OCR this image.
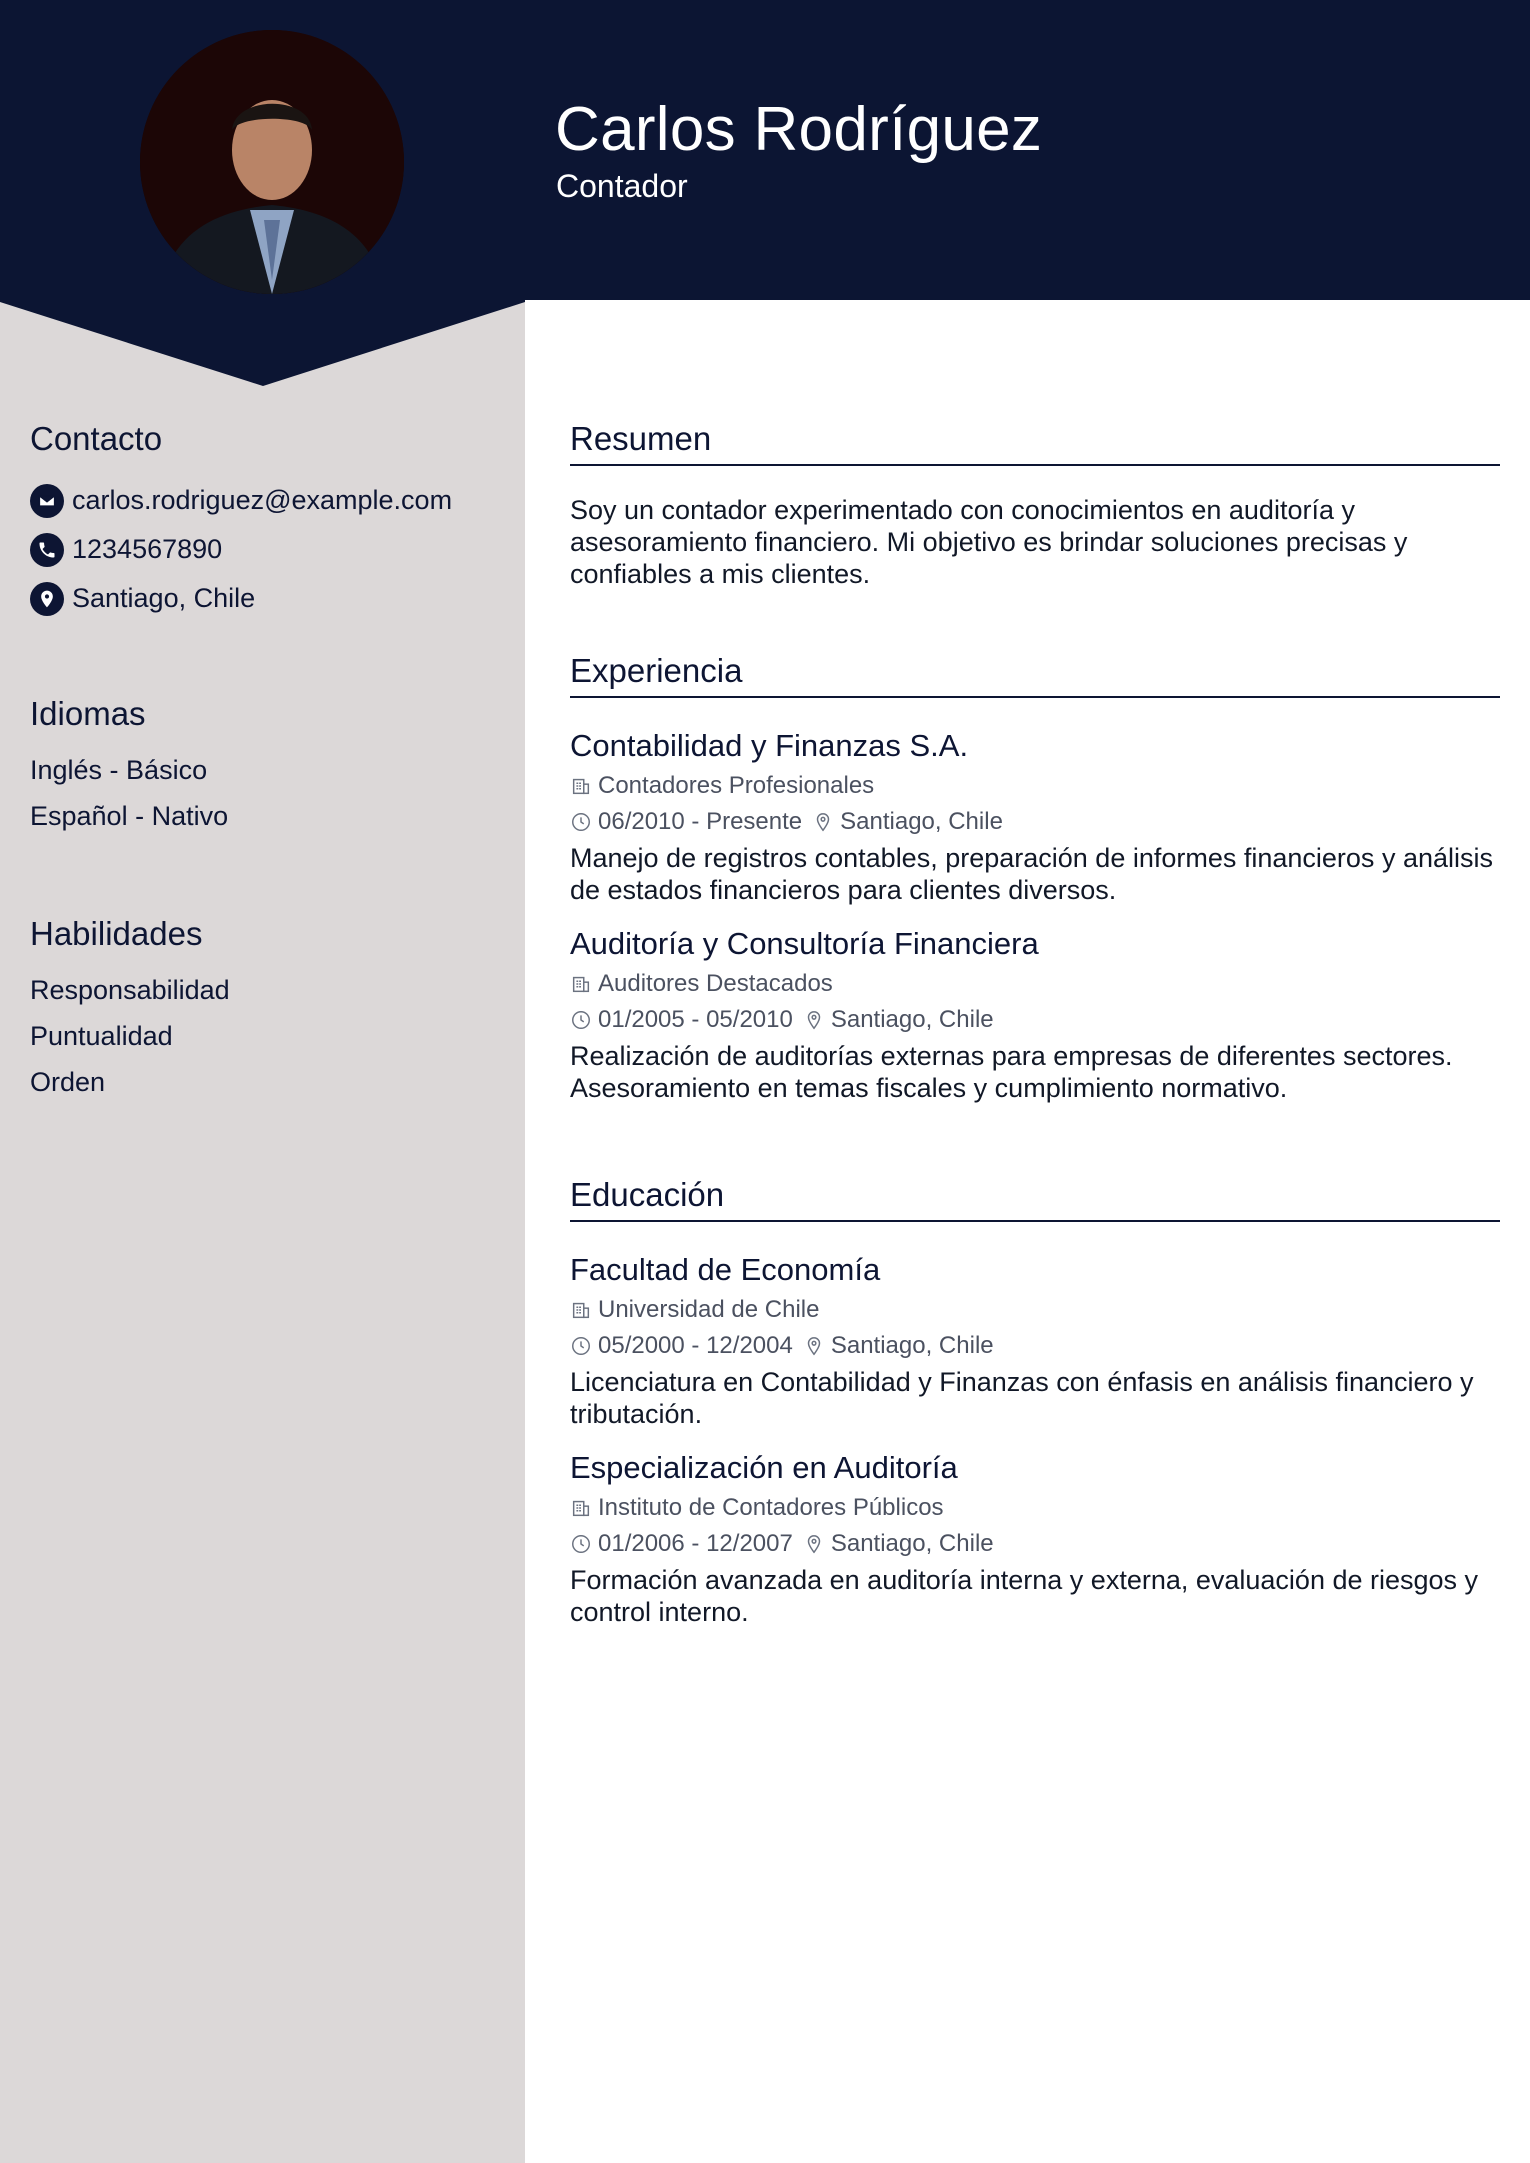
Carlos Rodríguez
Contador
Contacto
carlos.rodriguez@example.com
1234567890
Santiago, Chile
Idiomas
Inglés - Básico
Español - Nativo
Habilidades
Responsabilidad
Puntualidad
Orden
Resumen
Soy un contador experimentado con conocimientos en auditoría y asesoramiento financiero. Mi objetivo es brindar soluciones precisas y confiables a mis clientes.
Experiencia
Contabilidad y Finanzas S.A.
Contadores Profesionales
06/2010 - Presente Santiago, Chile
Manejo de registros contables, preparación de informes financieros y análisis de estados financieros para clientes diversos.
Auditoría y Consultoría Financiera
Auditores Destacados
01/2005 - 05/2010 Santiago, Chile
Realización de auditorías externas para empresas de diferentes sectores. Asesoramiento en temas fiscales y cumplimiento normativo.
Educación
Facultad de Economía
Universidad de Chile
05/2000 - 12/2004 Santiago, Chile
Licenciatura en Contabilidad y Finanzas con énfasis en análisis financiero y tributación.
Especialización en Auditoría
Instituto de Contadores Públicos
01/2006 - 12/2007 Santiago, Chile
Formación avanzada en auditoría interna y externa, evaluación de riesgos y control interno.
